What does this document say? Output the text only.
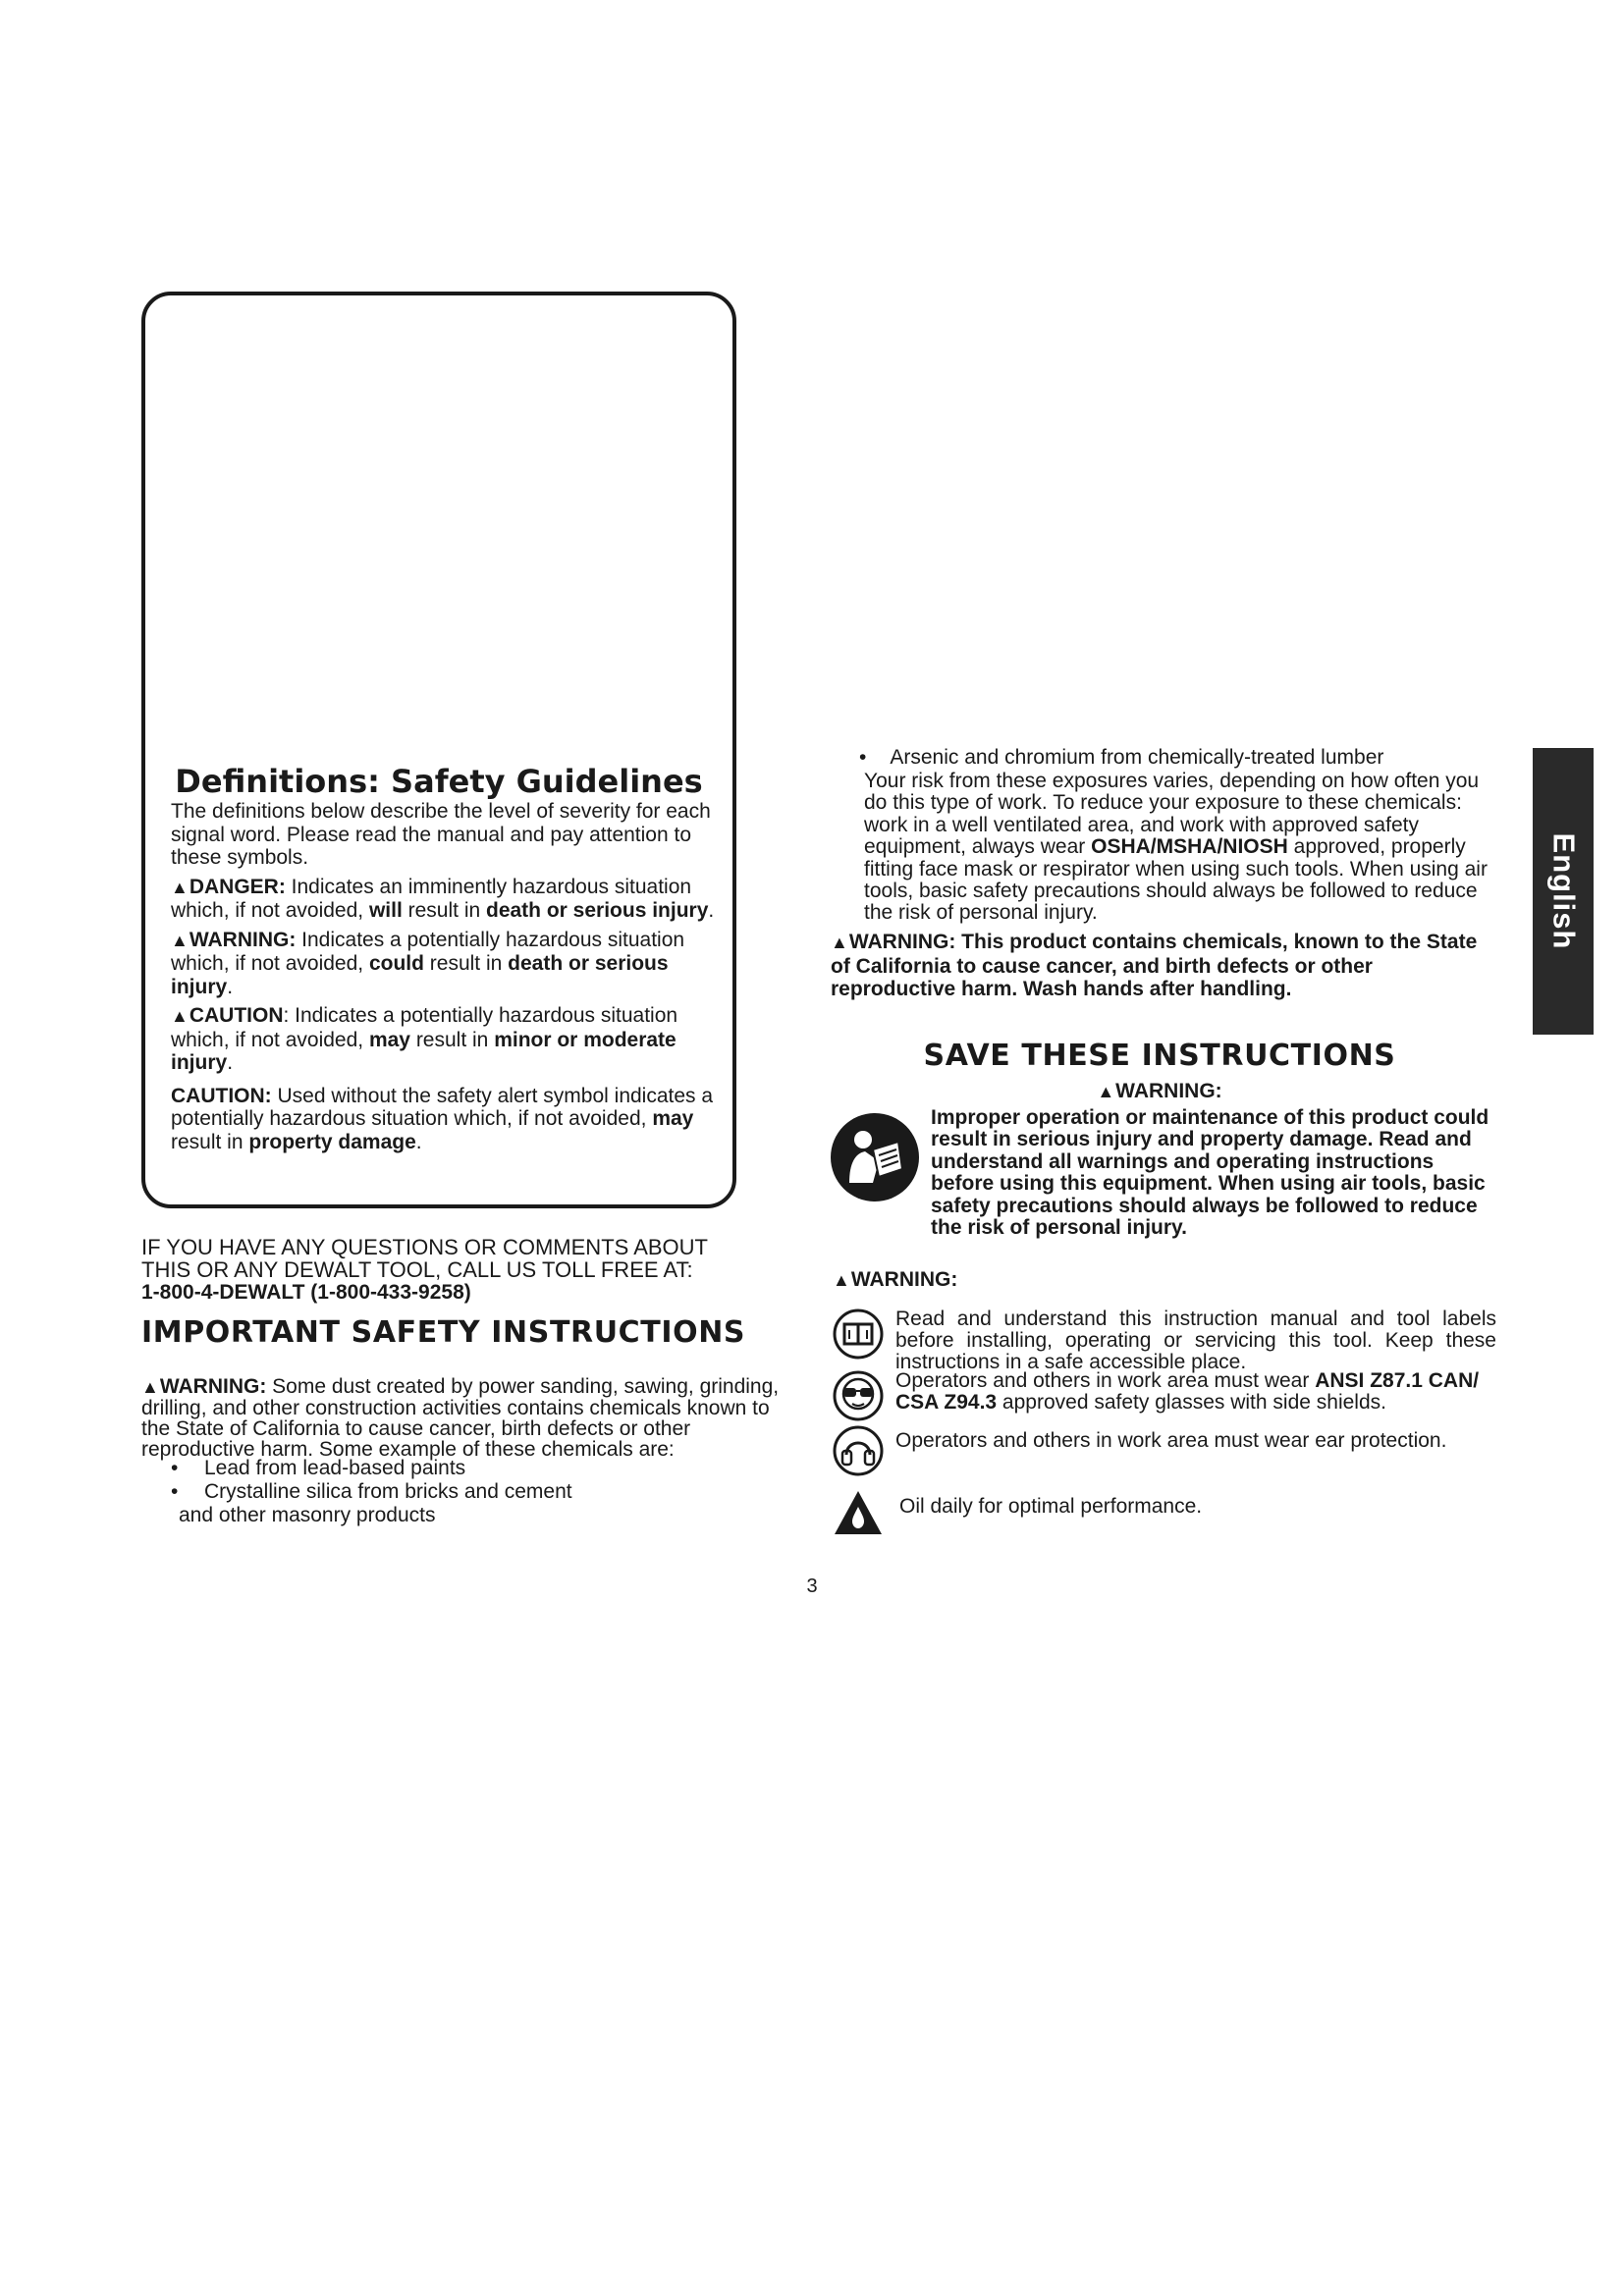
English
Definitions: Safety Guidelines

The definitions below describe the level of severity for each signal word. Please read the manual and pay attention to these symbols.

▲DANGER: Indicates an imminently hazardous situation which, if not avoided, will result in death or serious injury.

▲WARNING: Indicates a potentially hazardous situation which, if not avoided, could result in death or serious injury.

▲CAUTION: Indicates a potentially hazardous situation which, if not avoided, may result in minor or moderate injury.

CAUTION: Used without the safety alert symbol indicates a potentially hazardous situation which, if not avoided, may result in property damage.

IF YOU HAVE ANY QUESTIONS OR COMMENTS ABOUT
THIS OR ANY DEWALT TOOL, CALL US TOLL FREE AT:
1-800-4-DEWALT (1-800-433-9258)
IMPORTANT SAFETY INSTRUCTIONS

▲WARNING: Some dust created by power sanding, sawing, grinding, drilling, and other construction activities contains chemicals known to the State of California to cause cancer, birth defects or other reproductive harm. Some example of these chemicals are:

• Lead from lead-based paints
• Crystalline silica from bricks and cement
and other masonry products
• Arsenic and chromium from chemically-treated lumber
Your risk from these exposures varies, depending on how often you do this type of work. To reduce your exposure to these chemicals: work in a well ventilated area, and work with approved safety equipment, always wear OSHA/MSHA/NIOSH approved, properly fitting face mask or respirator when using such tools. When using air tools, basic safety precautions should always be followed to reduce the risk of personal injury.
▲WARNING: This product contains chemicals, known to the State of California to cause cancer, and birth defects or other reproductive harm. Wash hands after handling.
SAVE THESE INSTRUCTIONS
▲WARNING:
Improper operation or maintenance of this product could result in serious injury and property damage. Read and understand all warnings and operating instructions before using this equipment. When using air tools, basic safety precautions should always be followed to reduce the risk of personal injury.
▲WARNING:
Read and understand this instruction manual and tool labels before installing, operating or servicing this tool. Keep these instructions in a safe accessible place.
Operators and others in work area must wear ANSI Z87.1 CAN/ CSA Z94.3 approved safety glasses with side shields.
Operators and others in work area must wear ear protection.
Oil daily for optimal performance.
3
